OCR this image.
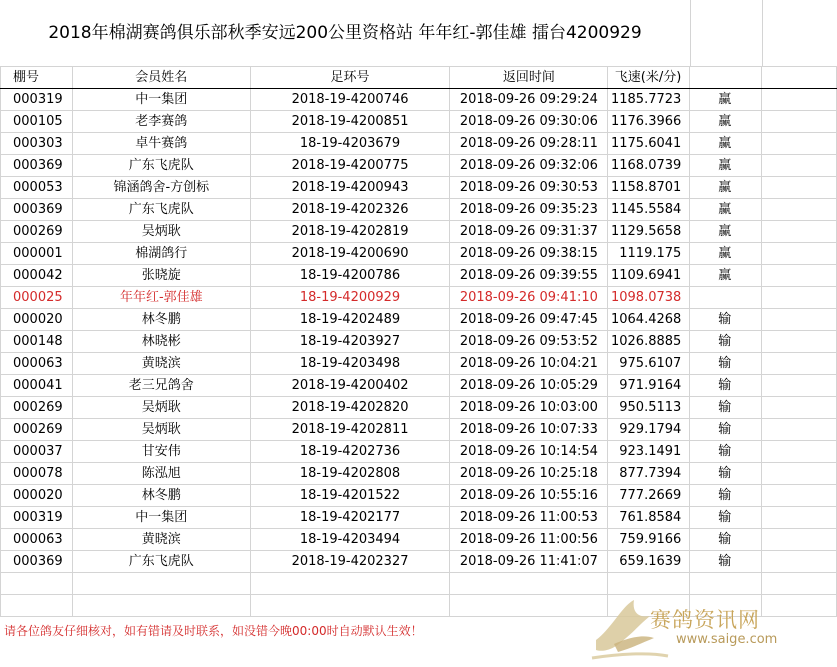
2018年棉湖赛鸽俱乐部秋季安远200公里资格站 年年红-郭佳雄 擂台4200929
棚号	会员姓名	足环号	返回时间	飞速(米/分)		
000319	中一集团	2018-19-4200746	2018-09-26 09:29:24	1185.7723	赢	
000105	老李赛鸽	2018-19-4200851	2018-09-26 09:30:06	1176.3966	赢	
000303	卓牛赛鸽	18-19-4203679	2018-09-26 09:28:11	1175.6041	赢	
000369	广东飞虎队	2018-19-4200775	2018-09-26 09:32:06	1168.0739	赢	
000053	锦涵鸽舍-方创标	2018-19-4200943	2018-09-26 09:30:53	1158.8701	赢	
000369	广东飞虎队	2018-19-4202326	2018-09-26 09:35:23	1145.5584	赢	
000269	吴炳耿	2018-19-4202819	2018-09-26 09:31:37	1129.5658	赢	
000001	棉湖鸽行	2018-19-4200690	2018-09-26 09:38:15	1119.175	赢	
000042	张晓旋	18-19-4200786	2018-09-26 09:39:55	1109.6941	赢	
000025	年年红-郭佳雄	18-19-4200929	2018-09-26 09:41:10	1098.0738		
000020	林冬鹏	18-19-4202489	2018-09-26 09:47:45	1064.4268	输	
000148	林晓彬	18-19-4203927	2018-09-26 09:53:52	1026.8885	输	
000063	黄晓滨	18-19-4203498	2018-09-26 10:04:21	975.6107	输	
000041	老三兄鸽舍	2018-19-4200402	2018-09-26 10:05:29	971.9164	输	
000269	吴炳耿	2018-19-4202820	2018-09-26 10:03:00	950.5113	输	
000269	吴炳耿	2018-19-4202811	2018-09-26 10:07:33	929.1794	输	
000037	甘安伟	18-19-4202736	2018-09-26 10:14:54	923.1491	输	
000078	陈泓旭	18-19-4202808	2018-09-26 10:25:18	877.7394	输	
000020	林冬鹏	18-19-4201522	2018-09-26 10:55:16	777.2669	输	
000319	中一集团	18-19-4202177	2018-09-26 11:00:53	761.8584	输	
000063	黄晓滨	18-19-4203494	2018-09-26 11:00:56	759.9166	输	
000369	广东飞虎队	2018-19-4202327	2018-09-26 11:41:07	659.1639	输	

请各位鸽友仔细核对，如有错请及时联系，如没错今晚00:00时自动默认生效！	赛鸽资讯网
www.saige.com
